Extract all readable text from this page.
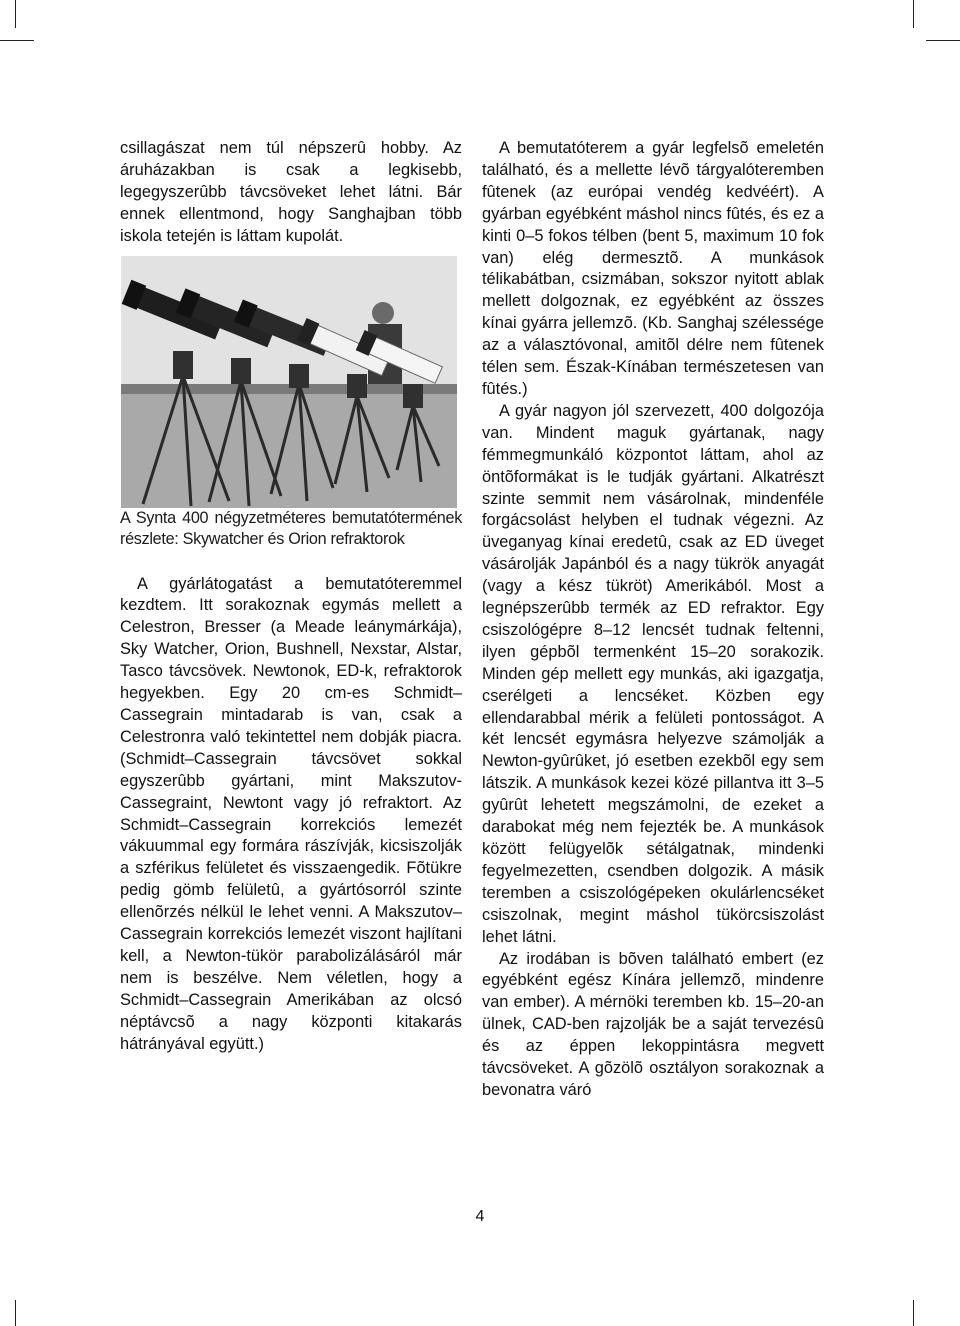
csillagászat nem túl népszerû hobby. Az áruházakban is csak a legkisebb, legegyszerûbb távcsöveket lehet látni. Bár ennek ellentmond, hogy Sanghajban több iskola tetején is láttam kupolát.

A Synta 400 négyzetméteres bemutatótermének részlete: Skywatcher és Orion refraktorok

A gyárlátogatást a bemutatóteremmel kezdtem. Itt sorakoznak egymás mellett a Celestron, Bresser (a Meade leánymárkája), Sky Watcher, Orion, Bushnell, Nexstar, Alstar, Tasco távcsövek. Newtonok, ED-k, refraktorok hegyekben. Egy 20 cm-es Schmidt–Cassegrain mintadarab is van, csak a Celestronra való tekintettel nem dobják piacra. (Schmidt–Cassegrain távcsövet sokkal egyszerûbb gyártani, mint Makszutov-Cassegraint, Newtont vagy jó refraktort. Az Schmidt–Cassegrain korrekciós lemezét vákuummal egy formára rászívják, kicsiszolják a szférikus felületet és visszaengedik. Fõtükre pedig gömb felületû, a gyártósorról szinte ellenõrzés nélkül le lehet venni. A Makszutov–Cassegrain korrekciós lemezét viszont hajlítani kell, a Newton-tükör parabolizálásáról már nem is beszélve. Nem véletlen, hogy a Schmidt–Cassegrain Amerikában az olcsó néptávcsõ a nagy központi kitakarás hátrányával együtt.)

A bemutatóterem a gyár legfelsõ emeletén található, és a mellette lévõ tárgyalóteremben fûtenek (az európai vendég kedvéért). A gyárban egyébként máshol nincs fûtés, és ez a kinti 0–5 fokos télben (bent 5, maximum 10 fok van) elég dermesztõ. A munkások télikabátban, csizmában, sokszor nyitott ablak mellett dolgoznak, ez egyébként az összes kínai gyárra jellemzõ. (Kb. Sanghaj szélessége az a választóvonal, amitõl délre nem fûtenek télen sem. Észak-Kínában természetesen van fûtés.)

A gyár nagyon jól szervezett, 400 dolgozója van. Mindent maguk gyártanak, nagy fémmegmunkáló központot láttam, ahol az öntõformákat is le tudják gyártani. Alkatrészt szinte semmit nem vásárolnak, mindenféle forgácsolást helyben el tudnak végezni. Az üveganyag kínai eredetû, csak az ED üveget vásárolják Japánból és a nagy tükrök anyagát (vagy a kész tükröt) Amerikából. Most a legnépszerûbb termék az ED refraktor. Egy csiszológépre 8–12 lencsét tudnak feltenni, ilyen gépbõl termenként 15–20 sorakozik. Minden gép mellett egy munkás, aki igazgatja, cserélgeti a lencséket. Közben egy ellendarabbal mérik a felületi pontosságot. A két lencsét egymásra helyezve számolják a Newton-gyûrûket, jó esetben ezekbõl egy sem látszik. A munkások kezei közé pillantva itt 3–5 gyûrût lehetett megszámolni, de ezeket a darabokat még nem fejezték be. A munkások között felügyelõk sétálgatnak, mindenki fegyelmezetten, csendben dolgozik. A másik teremben a csiszológépeken okulárlencséket csiszolnak, megint máshol tükörcsiszolást lehet látni.

Az irodában is bõven található embert (ez egyébként egész Kínára jellemzõ, mindenre van ember). A mérnöki teremben kb. 15–20-an ülnek, CAD-ben rajzolják be a saját tervezésû és az éppen lekoppintásra megvett távcsöveket. A gõzölõ osztályon sorakoznak a bevonatra váró

4
